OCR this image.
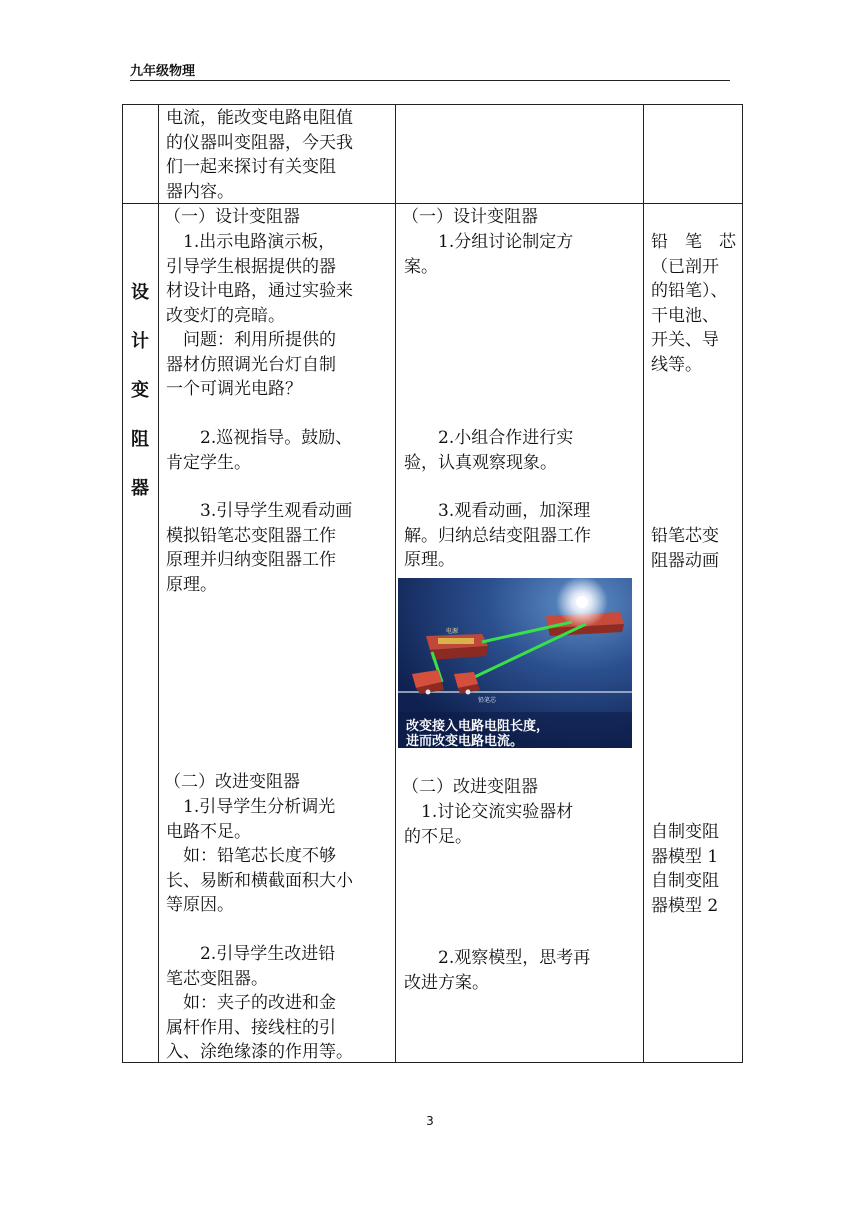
九年级物理
电流，能改变电路电阻值
的仪器叫变阻器，今天我
们一起来探讨有关变阻
器内容。
设
计
变
阻
器
（一）设计变阻器
　1.出示电路演示板，
引导学生根据提供的器
材设计电路，通过实验来
改变灯的亮暗。
　问题：利用所提供的
器材仿照调光台灯自制
一个可调光电路？
　　2.巡视指导。鼓励、
肯定学生。
　　3.引导学生观看动画
模拟铅笔芯变阻器工作
原理并归纳变阻器工作
原理。
（二）改进变阻器
　1.引导学生分析调光
电路不足。
　如：铅笔芯长度不够
长、易断和横截面积大小
等原因。
　　2.引导学生改进铅
笔芯变阻器。
　如：夹子的改进和金
属杆作用、接线柱的引
入、涂绝缘漆的作用等。
（一）设计变阻器
　　1.分组讨论制定方
案。
　　2.小组合作进行实
验，认真观察现象。
　　3.观看动画，加深理
解。归纳总结变阻器工作
原理。
（二）改进变阻器
　1.讨论交流实验器材
的不足。
　　2.观察模型，思考再
改进方案。
电源
铅笔芯
改变接入电路电阻长度，
进而改变电路电流。
铅　笔　芯
（已剖开
的铅笔）、
干电池、
开关、导
线等。
铅笔芯变
阻器动画
自制变阻
器模型 1
自制变阻
器模型 2
3
